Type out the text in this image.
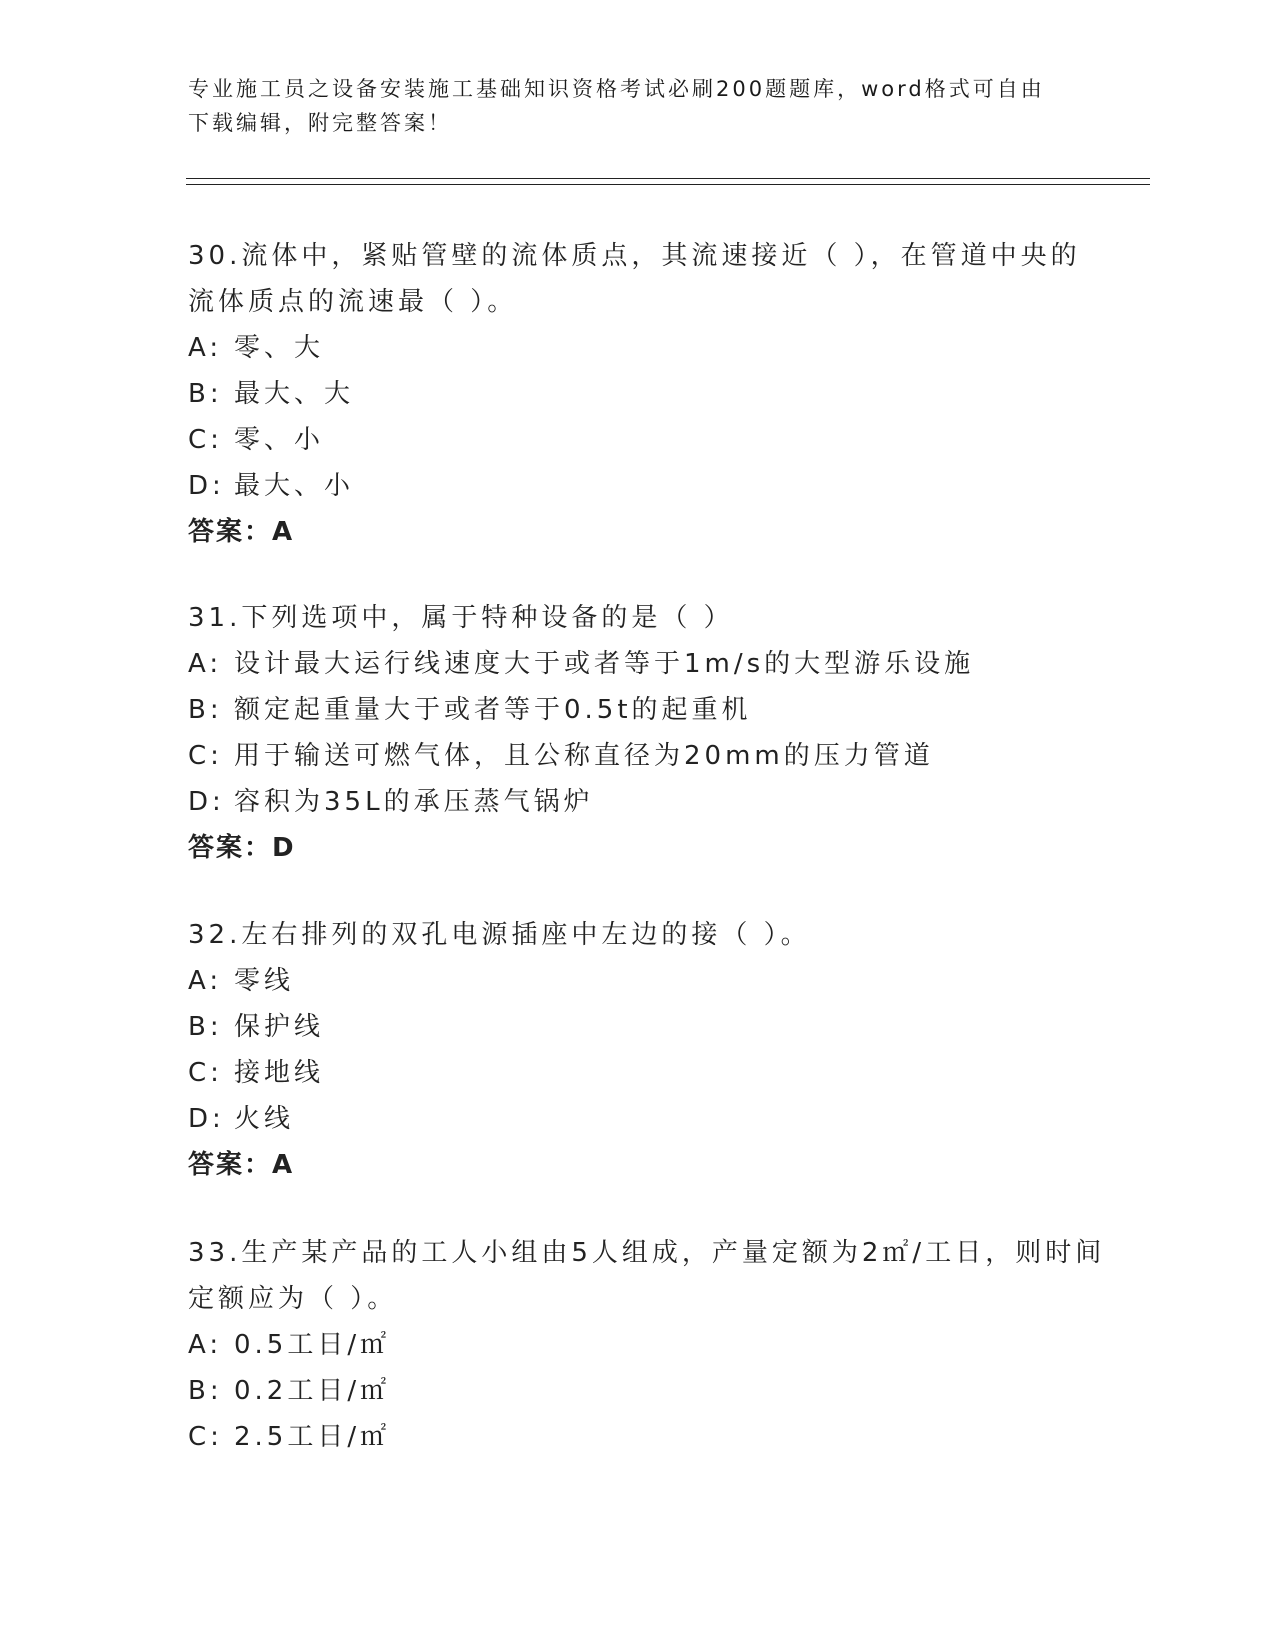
专业施工员之设备安装施工基础知识资格考试必刷200题题库，word格式可自由
下载编辑，附完整答案！

30.流体中，紧贴管壁的流体质点，其流速接近（ ），在管道中央的

流体质点的流速最（ ）。

A: 零、大

B: 最大、大

C: 零、小

D: 最大、小

答案：A

31.下列选项中，属于特种设备的是（ ）

A: 设计最大运行线速度大于或者等于1m/s的大型游乐设施

B: 额定起重量大于或者等于0.5t的起重机

C: 用于输送可燃气体，且公称直径为20mm的压力管道

D: 容积为35L的承压蒸气锅炉

答案：D

32.左右排列的双孔电源插座中左边的接（ ）。

A: 零线

B: 保护线

C: 接地线

D: 火线

答案：A

33.生产某产品的工人小组由5人组成，产量定额为2㎡/工日，则时间

定额应为（ ）。

A: 0.5工日/㎡

B: 0.2工日/㎡

C: 2.5工日/㎡
